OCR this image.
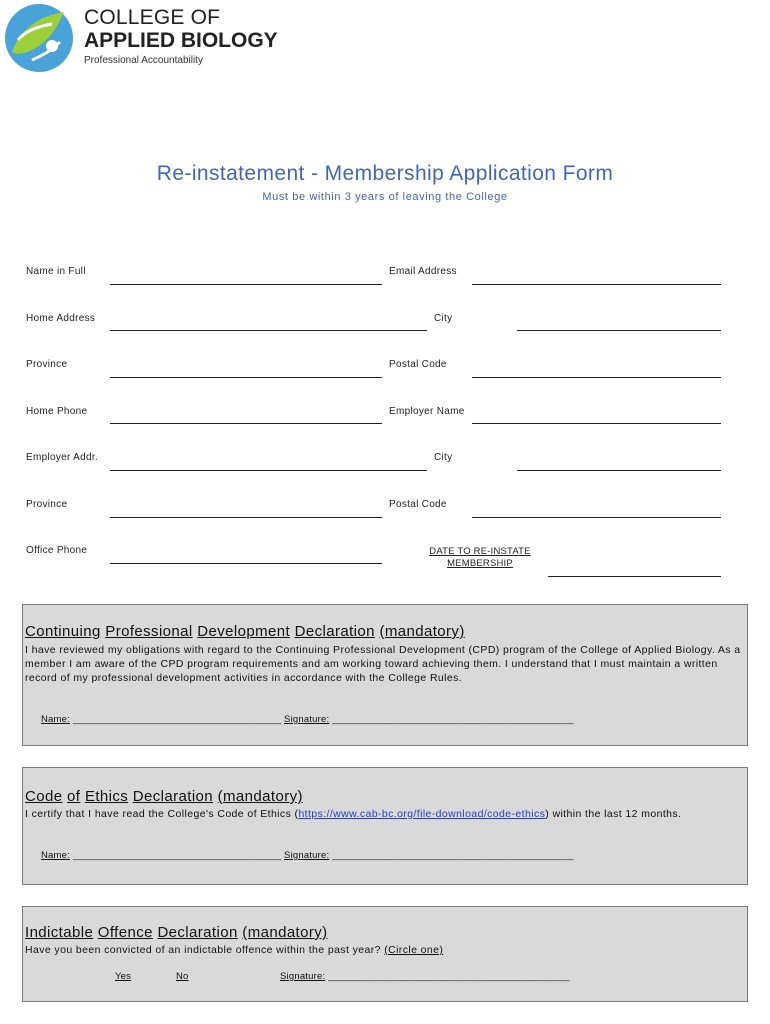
COLLEGE OF
APPLIED BIOLOGY
Professional Accountability
Re-instatement - Membership Application Form
Must be within 3 years of leaving the College
Name in Full	Email Address
Home Address	City
Province	Postal Code
Home Phone	Employer Name
Employer Addr.	City
Province	Postal Code
Office Phone	DATE TO RE-INSTATE
MEMBERSHIP
Continuing Professional Development Declaration (mandatory)
I have reviewed my obligations with regard to the Continuing Professional Development (CPD) program of the College of Applied Biology. As a member I am aware of the CPD program requirements and am working toward achieving them. I understand that I must maintain a written record of my professional development activities in accordance with the College Rules.
Name: ______________________________________ Signature: ____________________________________________
Code of Ethics Declaration (mandatory)
I certify that I have read the College's Code of Ethics (https://www.cab-bc.org/file-download/code-ethics) within the last 12 months.
Name: ______________________________________ Signature: ____________________________________________
Indictable Offence Declaration (mandatory)
Have you been convicted of an indictable offence within the past year? (Circle one)
Yes	No	Signature: ____________________________________________
